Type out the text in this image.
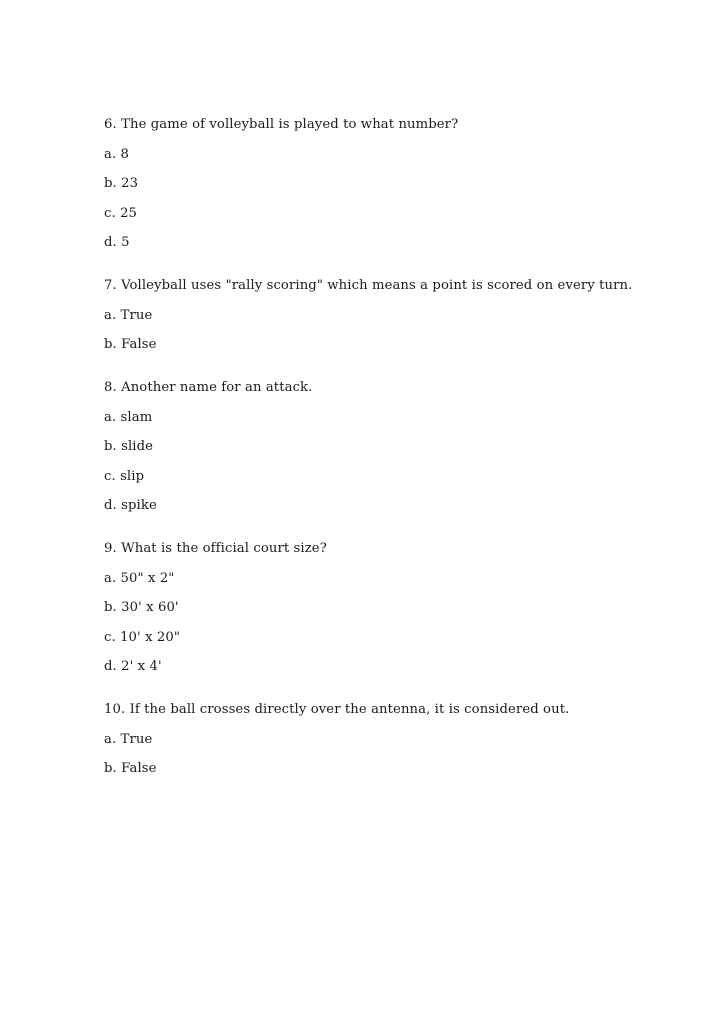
6. The game of volleyball is played to what number?
a. 8
b. 23
c. 25
d. 5
7. Volleyball uses "rally scoring" which means a point is scored on every turn.
a. True
b. False
8. Another name for an attack.
a. slam
b. slide
c. slip
d. spike
9. What is the official court size?
a. 50" x 2"
b. 30' x 60'
c. 10' x 20"
d. 2' x 4'
10. If the ball crosses directly over the antenna, it is considered out.
a. True
b. False
